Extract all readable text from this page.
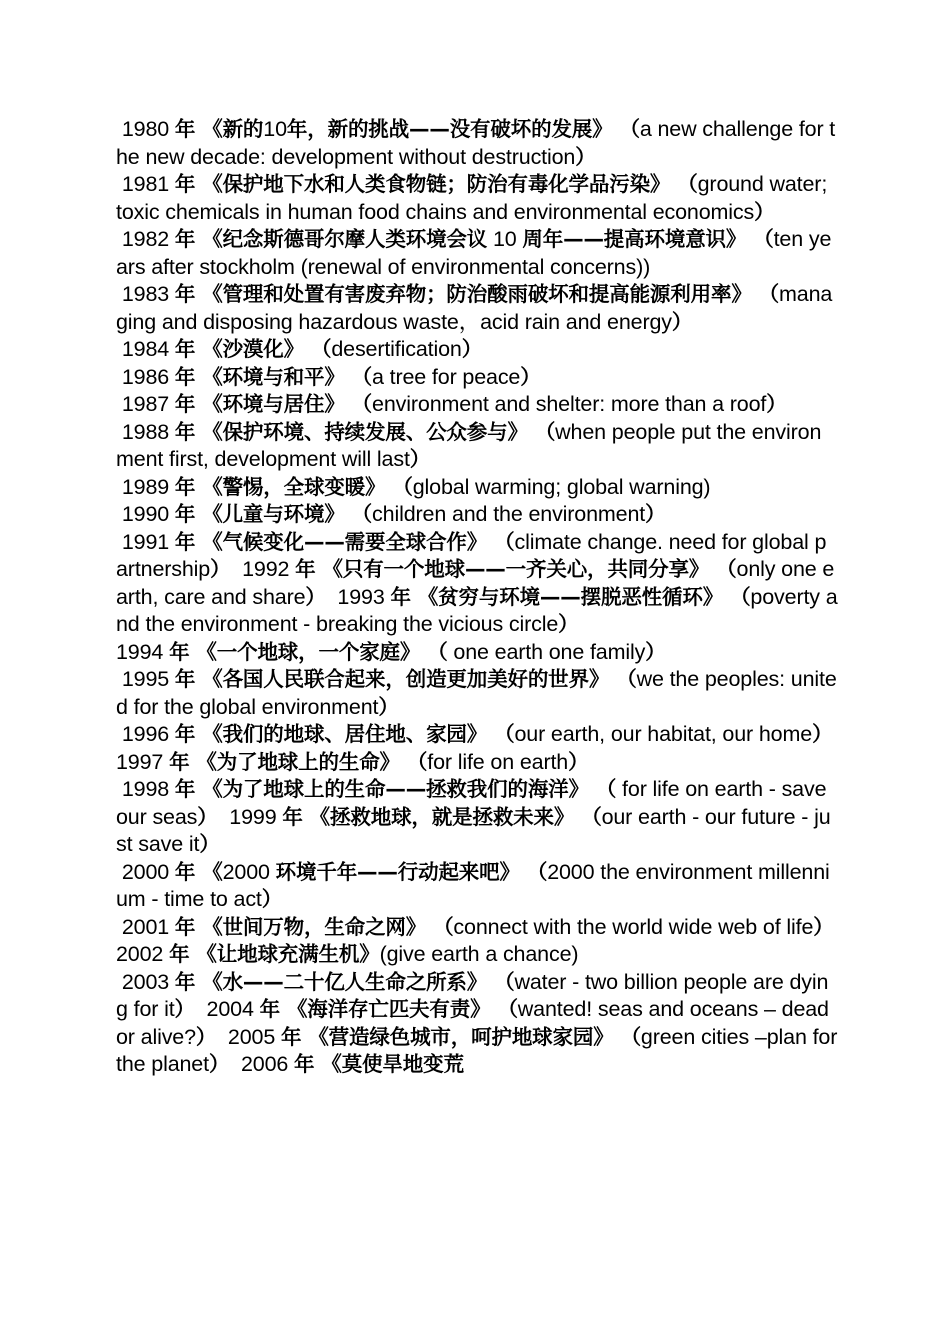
1980 年 《新的10年，新的挑战——没有破坏的发展》 （a new challenge for the new decade: development without destruction）

1981 年 《保护地下水和人类食物链；防治有毒化学品污染》 （ground water; toxic chemicals in human food chains and environmental economics）

1982 年 《纪念斯德哥尔摩人类环境会议 10 周年——提高环境意识》 （ten years after stockholm (renewal of environmental concerns))

1983 年 《管理和处置有害废弃物；防治酸雨破坏和提高能源利用率》 （managing and disposing hazardous waste，acid rain and energy）

1984 年 《沙漠化》 （desertification）

1986 年 《环境与和平》 （a tree for peace）

1987 年 《环境与居住》 （environment and shelter: more than a roof）

1988 年 《保护环境、持续发展、公众参与》 （when people put the environment first, development will last）

1989 年 《警惕，全球变暖》 （global warming; global warning)

1990 年 《儿童与环境》 （children and the environment）

1991 年 《气候变化——需要全球合作》 （climate change. need for global partnership）  1992 年 《只有一个地球——一齐关心，共同分享》 （only one earth, care and share）  1993 年 《贫穷与环境——摆脱恶性循环》 （poverty and the environment - breaking the vicious circle）

1994 年 《一个地球，一个家庭》 （ one earth one family）

1995 年 《各国人民联合起来，创造更加美好的世界》 （we the peoples: united for the global environment）

1996 年 《我们的地球、居住地、家园》 （our earth, our habitat, our home）  1997 年 《为了地球上的生命》 （for life on earth）

1998 年 《为了地球上的生命——拯救我们的海洋》 （ for life on earth - save our seas）  1999 年 《拯救地球，就是拯救未来》 （our earth - our future - just save it）

2000 年 《2000 环境千年——行动起来吧》 （2000 the environment millennium - time to act）

2001 年 《世间万物，生命之网》 （connect with the world wide web of life）  2002 年 《让地球充满生机》(give earth a chance)

2003 年 《水——二十亿人生命之所系》 （water - two billion people are dying for it）  2004 年 《海洋存亡匹夫有责》 （wanted! seas and oceans – dead or alive?）  2005 年 《营造绿色城市，呵护地球家园》 （green cities –plan for the planet）  2006 年 《莫使旱地变荒
